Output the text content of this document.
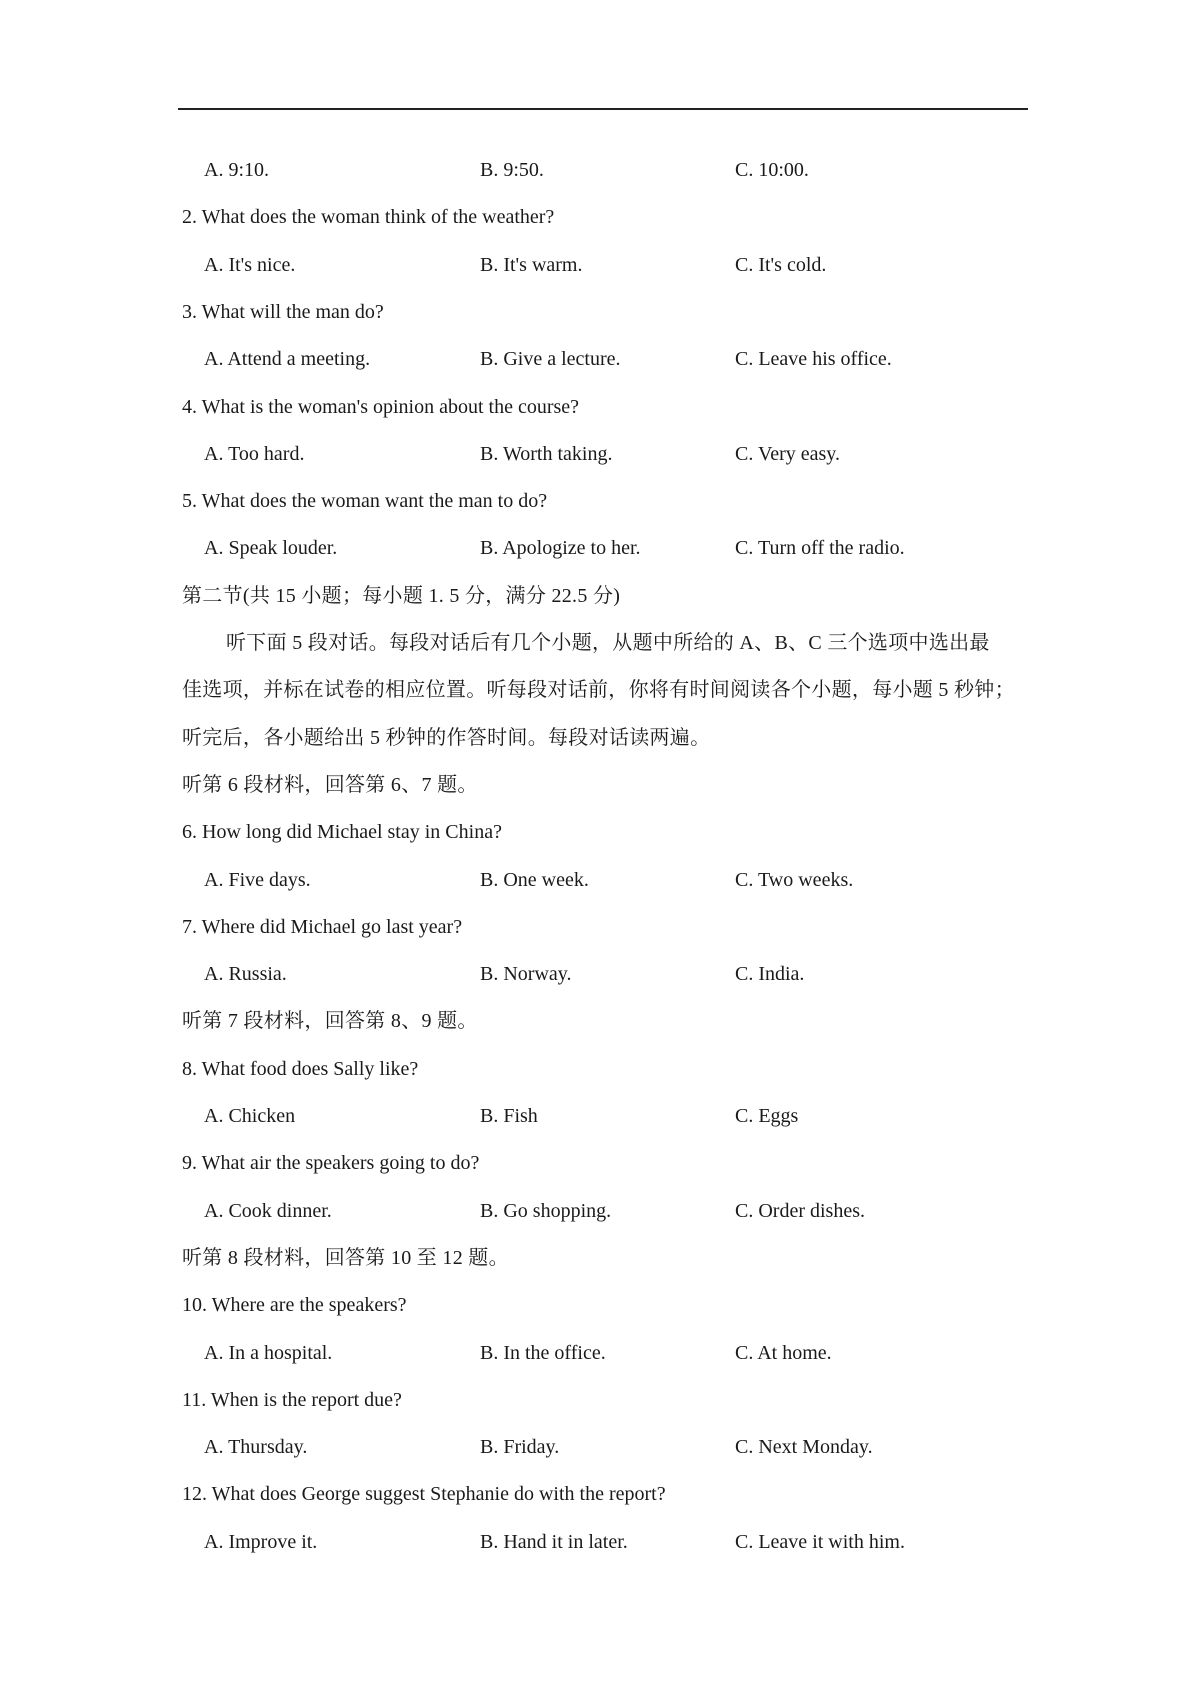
A. 9:10.	B. 9:50.	C. 10:00.
2. What does the woman think of the weather?
A. It's nice.	B. It's warm.	C. It's cold.
3. What will the man do?
A. Attend a meeting.	B. Give a lecture.	C. Leave his office.
4. What is the woman's opinion about the course?
A. Too hard.	B. Worth taking.	C. Very easy.
5. What does the woman want the man to do?
A. Speak louder.	B. Apologize to her.	C. Turn off the radio.
第二节(共 15 小题；每小题 1. 5 分，满分 22.5 分)
听下面 5 段对话。每段对话后有几个小题，从题中所给的 A、B、C 三个选项中选出最
佳选项，并标在试卷的相应位置。听每段对话前，你将有时间阅读各个小题，每小题 5 秒钟；
听完后，各小题给出 5 秒钟的作答时间。每段对话读两遍。
听第 6 段材料，回答第 6、7 题。
6. How long did Michael stay in China?
A. Five days.	B. One week.	C. Two weeks.
7. Where did Michael go last year?
A. Russia.	B. Norway.	C. India.
听第 7 段材料，回答第 8、9 题。
8. What food does Sally like?
A. Chicken	B. Fish	C. Eggs
9. What air the speakers going to do?
A. Cook dinner.	B. Go shopping.	C. Order dishes.
听第 8 段材料，回答第 10 至 12 题。
10. Where are the speakers?
A. In a hospital.	B. In the office.	C. At home.
11. When is the report due?
A. Thursday.	B. Friday.	C. Next Monday.
12. What does George suggest Stephanie do with the report?
A. Improve it.	B. Hand it in later.	C. Leave it with him.
